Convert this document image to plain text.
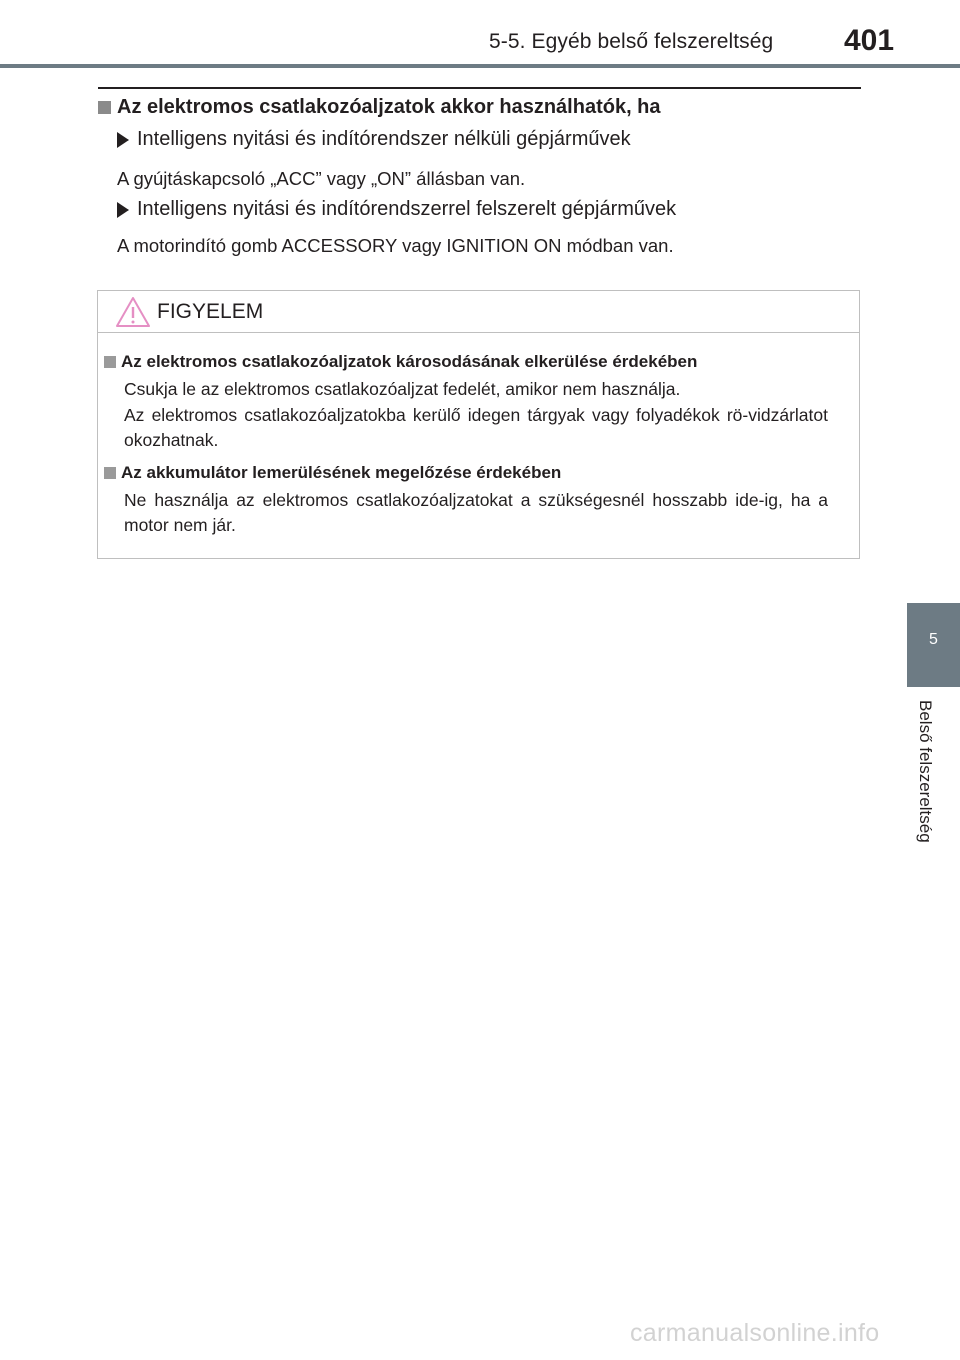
5-5. Egyéb belső felszereltség 401
Az elektromos csatlakozóaljzatok akkor használhatók, ha
Intelligens nyitási és indítórendszer nélküli gépjárművek
A gyújtáskapcsoló „ACC” vagy „ON” állásban van.
Intelligens nyitási és indítórendszerrel felszerelt gépjárművek
A motorindító gomb ACCESSORY vagy IGNITION ON módban van.
FIGYELEM
Az elektromos csatlakozóaljzatok károsodásának elkerülése érdekében
Csukja le az elektromos csatlakozóaljzat fedelét, amikor nem használja.
Az elektromos csatlakozóaljzatokba kerülő idegen tárgyak vagy folyadékok rö-vidzárlatot okozhatnak.
Az akkumulátor lemerülésének megelőzése érdekében
Ne használja az elektromos csatlakozóaljzatokat a szükségesnél hosszabb ide-ig, ha a motor nem jár.
5
Belső felszereltség
carmanualsonline.info
